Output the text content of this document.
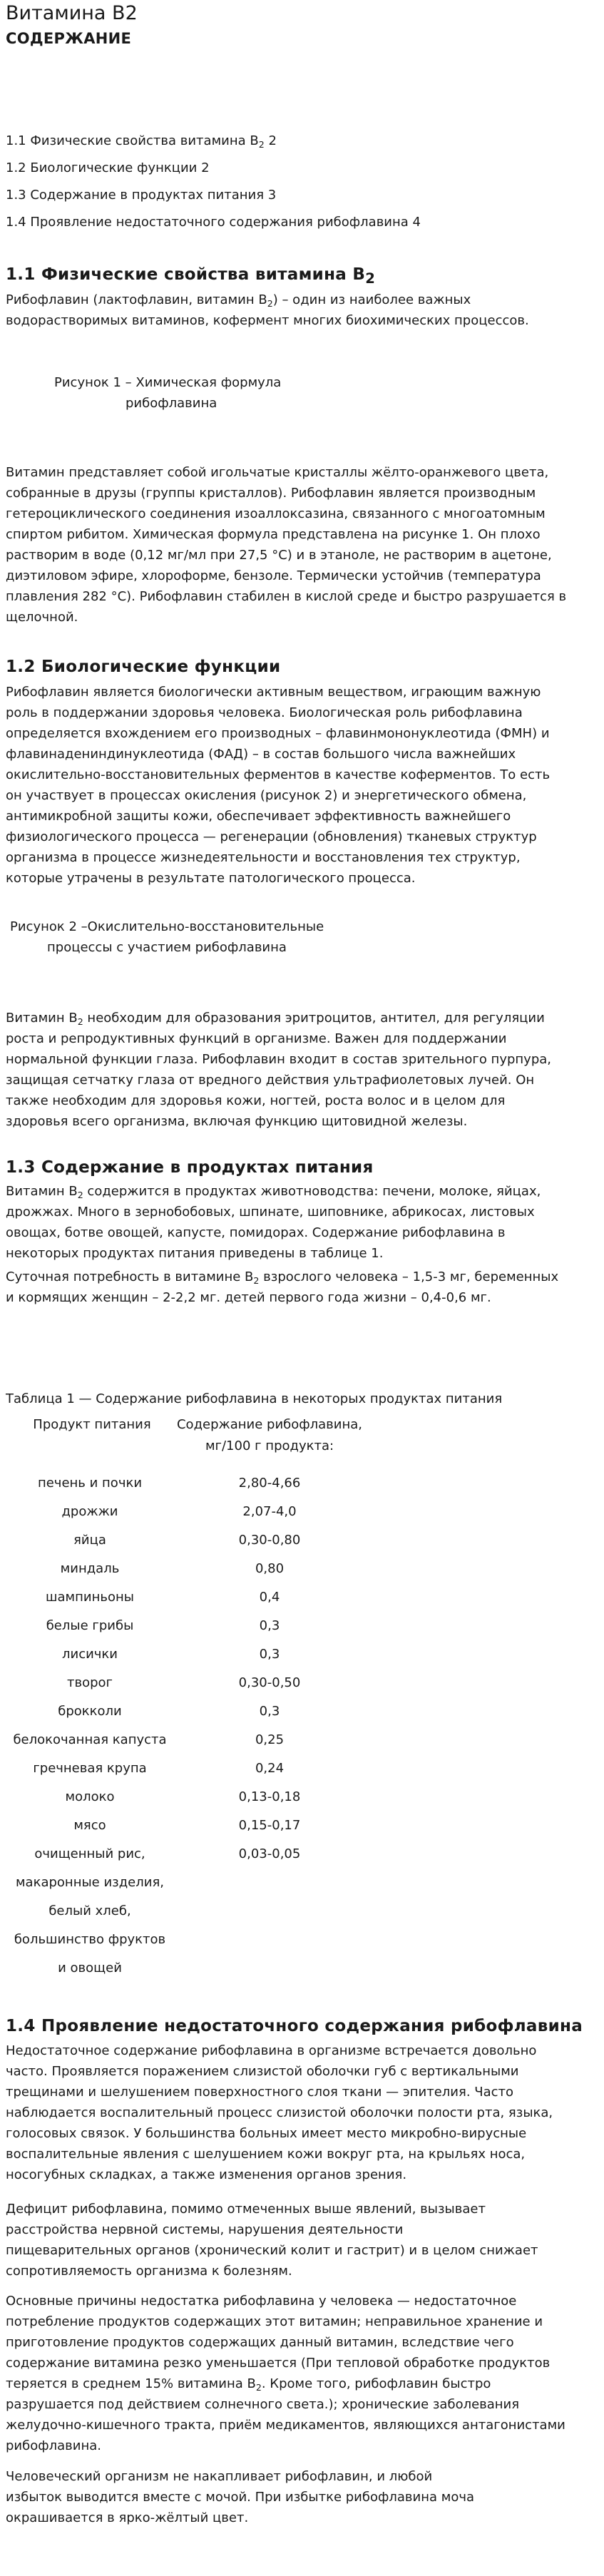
Витамина В2
СОДЕРЖАНИЕ
1.1 Физические свойства витамина $В_2$ 2
1.2 Биологические функции 2
1.3 Содержание в продуктах питания 3
1.4 Проявление недостаточного содержания рибофлавина 4
1.1 Физические свойства витамина $В_2$
Рибофлавин (лактофлавин, витамин $В_2$) – один из наиболее важных
водорастворимых витаминов, кофермент многих биохимических процессов.
Рисунок 1 – Химическая формула
рибофлавина
Витамин представляет собой игольчатые кристаллы жёлто-оранжевого цвета,
собранные в друзы (группы кристаллов). Рибофлавин является производным
гетероциклического соединения изоаллоксазина, связанного с многоатомным
спиртом рибитом. Химическая формула представлена на рисунке 1. Он плохо
растворим в воде (0,12 мг/мл при 27,5 °C) и в этаноле, не растворим в ацетоне,
диэтиловом эфире, хлороформе, бензоле. Термически устойчив (температура
плавления 282 °C). Рибофлавин стабилен в кислой среде и быстро разрушается в
щелочной.
1.2 Биологические функции
Рибофлавин является биологически активным веществом, играющим важную
роль в поддержании здоровья человека. Биологическая роль рибофлавина
определяется вхождением его производных – флавинмононуклеотида (ФМН) и
флавинадениндинуклеотида (ФАД) – в состав большого числа важнейших
окислительно-восстановительных ферментов в качестве коферментов. То есть
он участвует в процессах окисления (рисунок 2) и энергетического обмена,
антимикробной защиты кожи, обеспечивает эффективность важнейшего
физиологического процесса — регенерации (обновления) тканевых структур
организма в процессе жизнедеятельности и восстановления тех структур,
которые утрачены в результате патологического процесса.
Рисунок 2 –Окислительно-восстановительные
процессы с участием рибофлавина
Витамин $В_2$ необходим для образования эритроцитов, антител, для регуляции
роста и репродуктивных функций в организме. Важен для поддержании
нормальной функции глаза. Рибофлавин входит в состав зрительного пурпура,
защищая сетчатку глаза от вредного действия ультрафиолетовых лучей. Он
также необходим для здоровья кожи, ногтей, роста волос и в целом для
здоровья всего организма, включая функцию щитовидной железы.
1.3 Содержание в продуктах питания
Витамин $В_2$ содержится в продуктах животноводства: печени, молоке, яйцах,
дрожжах. Много в зернобобовых, шпинате, шиповнике, абрикосах, листовых
овощах, ботве овощей, капусте, помидорах. Содержание рибофлавина в
некоторых продуктах питания приведены в таблице 1.
Суточная потребность в витамине $В_2$ взрослого человека – 1,5-3 мг, беременных
и кормящих женщин – 2-2,2 мг. детей первого года жизни – 0,4-0,6 мг.
Таблица 1 — Содержание рибофлавина в некоторых продуктах питания
Продукт питания	Содержание рибофлавина,
мг/100 г продукта:
печень и почки	2,80-4,66
дрожжи	2,07-4,0
яйца	0,30-0,80
миндаль	0,80
шампиньоны	0,4
белые грибы	0,3
лисички	0,3
творог	0,30-0,50
брокколи	0,3
белокочанная капуста	0,25
гречневая крупа	0,24
молоко	0,13-0,18
мясо	0,15-0,17
очищенный рис,	0,03-0,05
макаронные изделия,
белый хлеб,
большинство фруктов
и овощей
1.4 Проявление недостаточного содержания рибофлавина
Недостаточное содержание рибофлавина в организме встречается довольно
часто. Проявляется поражением слизистой оболочки губ с вертикальными
трещинами и шелушением поверхностного слоя ткани — эпителия. Часто
наблюдается воспалительный процесс слизистой оболочки полости рта, языка,
голосовых связок. У большинства больных имеет место микробно-вирусные
воспалительные явления с шелушением кожи вокруг рта, на крыльях носа,
носогубных складках, а также изменения органов зрения.
Дефицит рибофлавина, помимо отмеченных выше явлений, вызывает
расстройства нервной системы, нарушения деятельности
пищеварительных органов (хронический колит и гастрит) и в целом снижает
сопротивляемость организма к болезням.
Основные причины недостатка рибофлавина у человека — недостаточное
потребление продуктов содержащих этот витамин; неправильное хранение и
приготовление продуктов содержащих данный витамин, вследствие чего
содержание витамина резко уменьшается (При тепловой обработке продуктов
теряется в среднем 15% витамина $В_2$. Кроме того, рибофлавин быстро
разрушается под действием солнечного света.); хронические заболевания
желудочно-кишечного тракта, приём медикаментов, являющихся антагонистами
рибофлавина.
Человеческий организм не накапливает рибофлавин, и любой
избыток выводится вместе с мочой. При избытке рибофлавина моча
окрашивается в ярко-жёлтый цвет.
